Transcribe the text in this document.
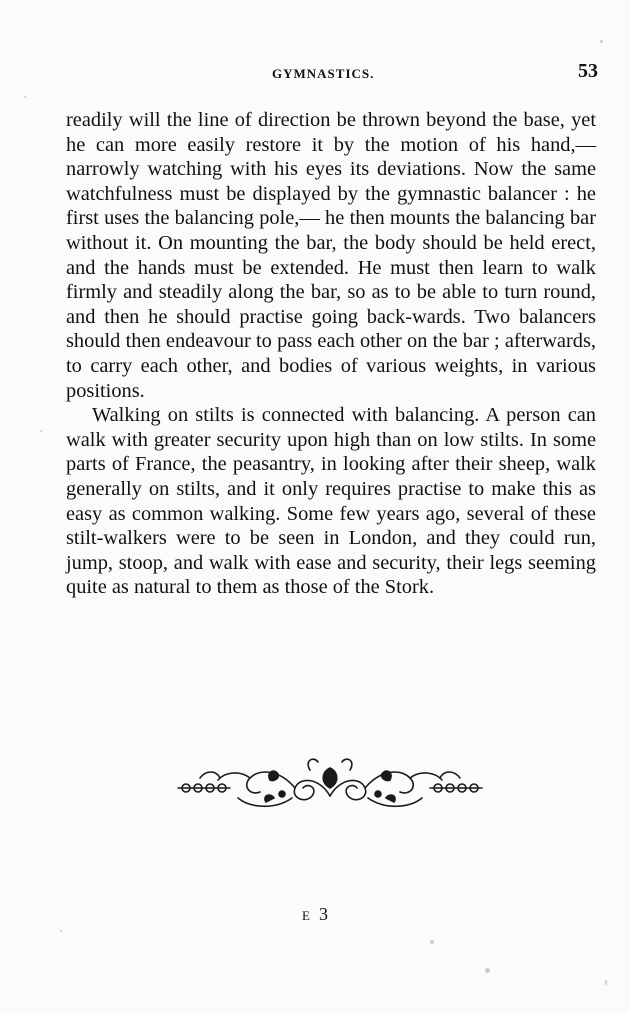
GYMNASTICS.	53

readily will the line of direction be thrown beyond the base, yet he can more easily restore it by the motion of his hand,—narrowly watching with his eyes its deviations. Now the same watchfulness must be displayed by the gymnastic balancer : he first uses the balancing pole,— he then mounts the balancing bar without it. On mounting the bar, the body should be held erect, and the hands must be extended. He must then learn to walk firmly and steadily along the bar, so as to be able to turn round, and then he should practise going back-wards. Two balancers should then endeavour to pass each other on the bar ; afterwards, to carry each other, and bodies of various weights, in various positions.

Walking on stilts is connected with balancing. A person can walk with greater security upon high than on low stilts. In some parts of France, the peasantry, in looking after their sheep, walk generally on stilts, and it only requires practise to make this as easy as common walking. Some few years ago, several of these stilt-walkers were to be seen in London, and they could run, jump, stoop, and walk with ease and security, their legs seeming quite as natural to them as those of the Stork.

E 3
